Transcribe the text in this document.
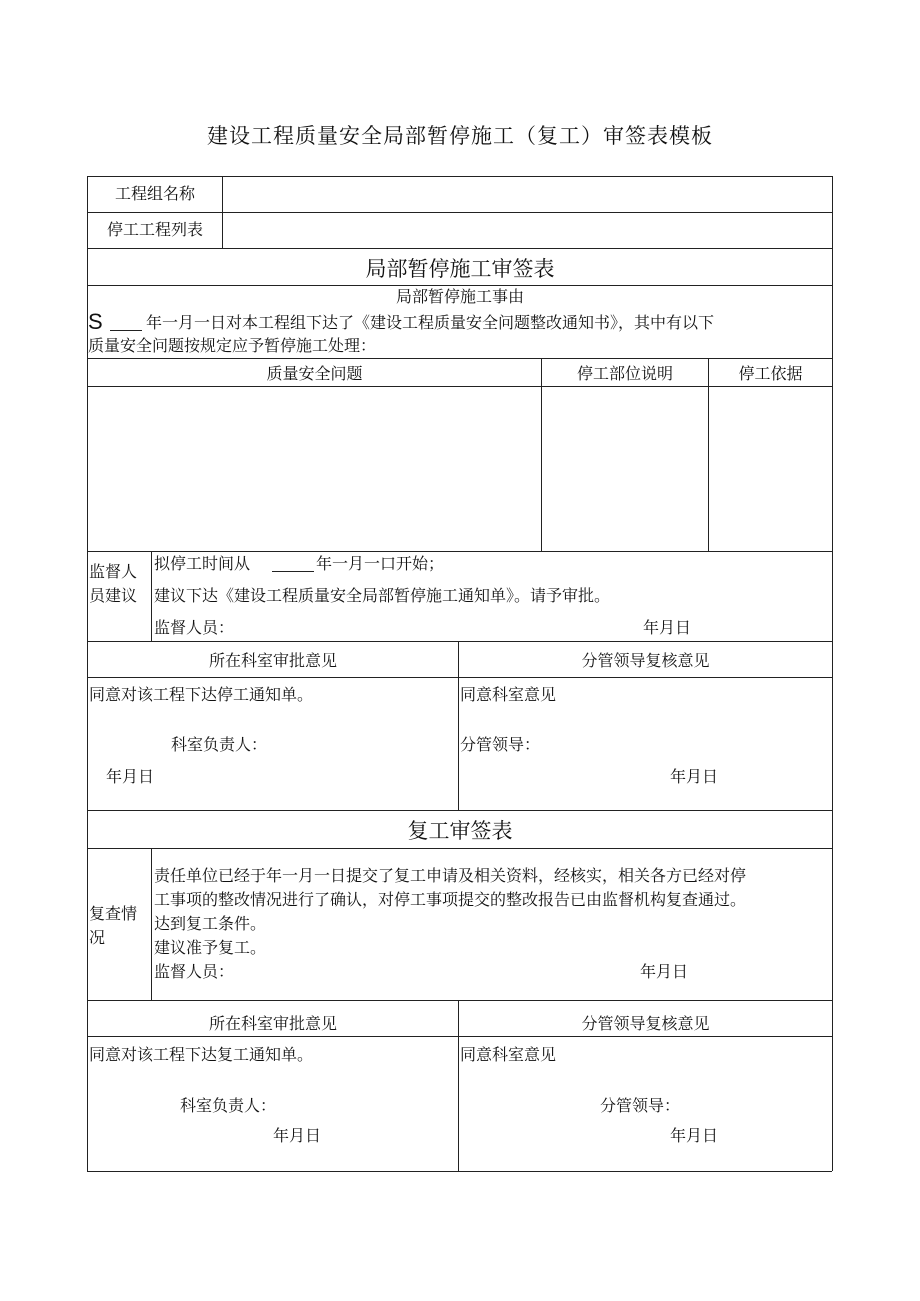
建设工程质量安全局部暂停施工（复工）审签表模板
工程组名称
停工工程列表
局部暂停施工审签表
局部暂停施工事由
S	年一月一日对本工程组下达了《建设工程质量安全问题整改通知书》，其中有以下
质量安全问题按规定应予暂停施工处理：
质量安全问题	停工部位说明	停工依据
监督人
员建议
拟停工时间从	年一月一口开始；
建议下达《建设工程质量安全局部暂停施工通知单》。请予审批。
监督人员：	年月日
所在科室审批意见	分管领导复核意见
同意对该工程下达停工通知单。	同意科室意见
科室负责人：	分管领导：
年月日	年月日
复工审签表
复查情
况
责任单位已经于年一月一日提交了复工申请及相关资料，经核实，相关各方已经对停
工事项的整改情况进行了确认，对停工事项提交的整改报告已由监督机构复查通过。
达到复工条件。
建议准予复工。
监督人员：	年月日
所在科室审批意见	分管领导复核意见
同意对该工程下达复工通知单。	同意科室意见
科室负责人：	分管领导：
年月日	年月日
